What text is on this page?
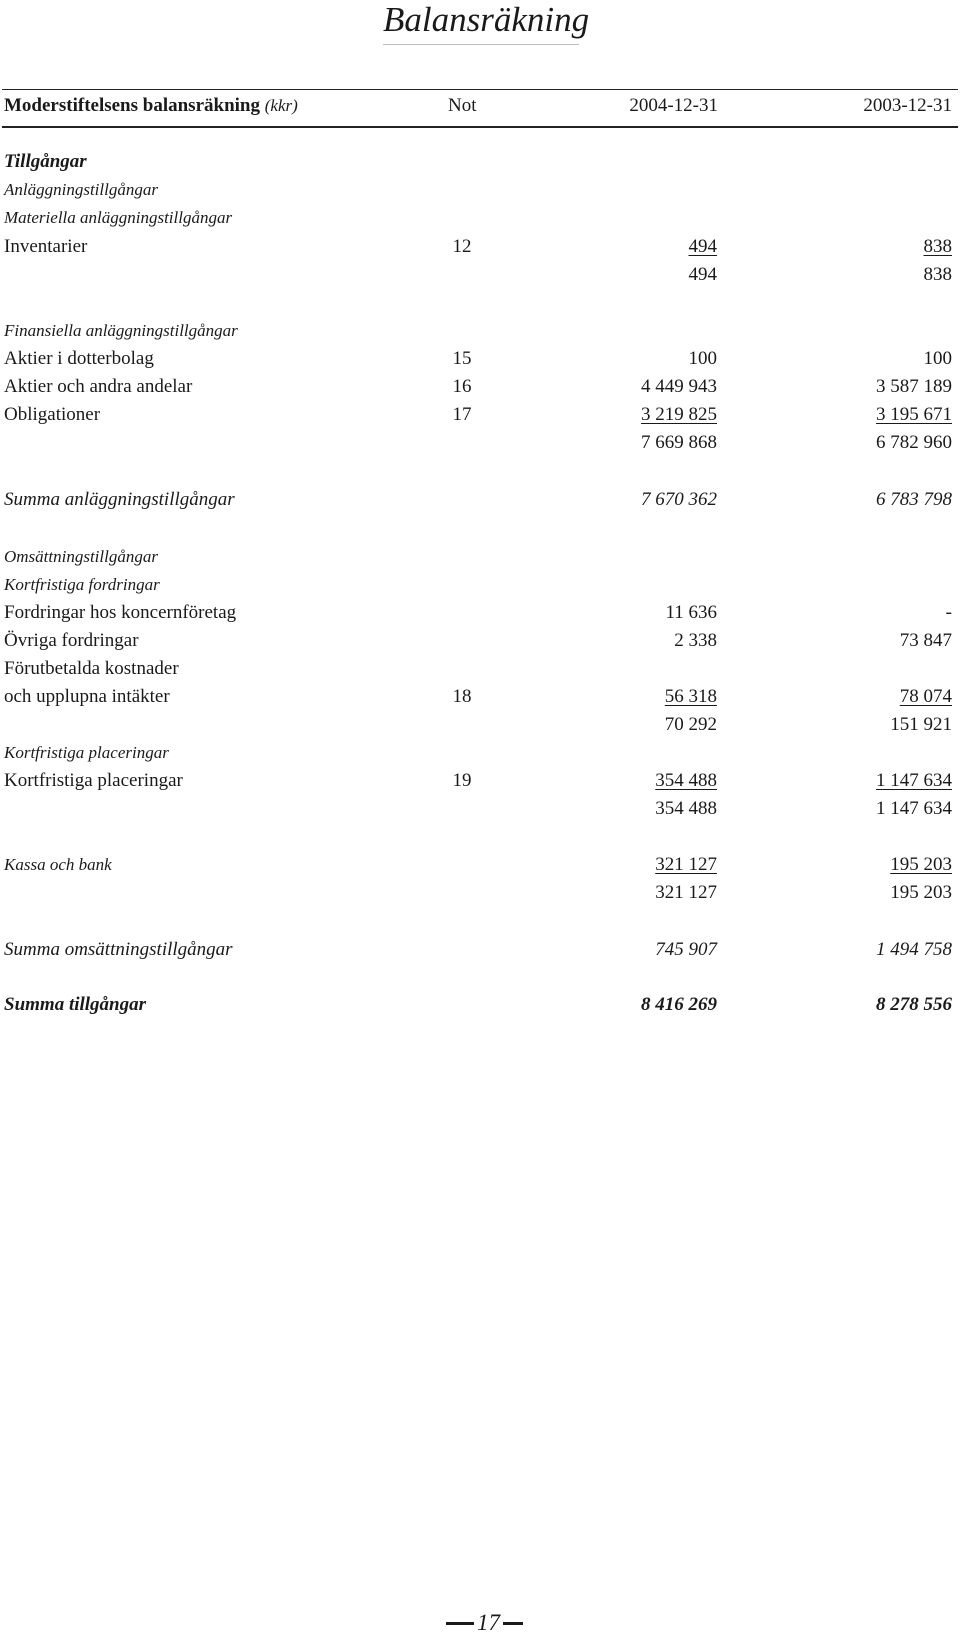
Balansräkning
Moderstiftelsens balansräkning (kkr)	Not	2004-12-31	2003-12-31
Tillgångar
Anläggningstillgångar
Materiella anläggningstillgångar
Inventarier	12	494	838
494	838
Finansiella anläggningstillgångar
Aktier i dotterbolag	15	100	100
Aktier och andra andelar	16	4 449 943	3 587 189
Obligationer	17	3 219 825	3 195 671
7 669 868	6 782 960
Summa anläggningstillgångar	7 670 362	6 783 798
Omsättningstillgångar
Kortfristiga fordringar
Fordringar hos koncernföretag	11 636	-
Övriga fordringar	2 338	73 847
Förutbetalda kostnader
och upplupna intäkter	18	56 318	78 074
70 292	151 921
Kortfristiga placeringar
Kortfristiga placeringar	19	354 488	1 147 634
354 488	1 147 634
Kassa och bank	321 127	195 203
321 127	195 203
Summa omsättningstillgångar	745 907	1 494 758
Summa tillgångar	8 416 269	8 278 556
17
